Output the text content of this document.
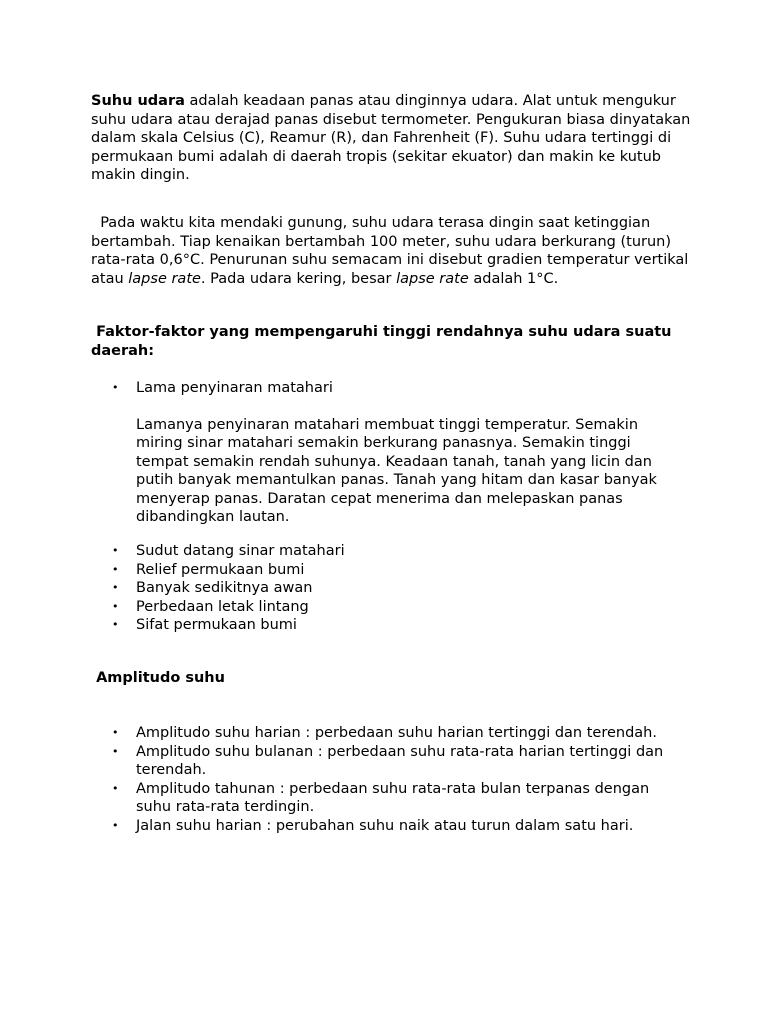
Suhu udara adalah keadaan panas atau dinginnya udara. Alat untuk mengukur suhu udara atau derajad panas disebut termometer. Pengukuran biasa dinyatakan dalam skala Celsius (C), Reamur (R), dan Fahrenheit (F). Suhu udara tertinggi di permukaan bumi adalah di daerah tropis (sekitar ekuator) dan makin ke kutub makin dingin.

Pada waktu kita mendaki gunung, suhu udara terasa dingin saat ketinggian bertambah. Tiap kenaikan bertambah 100 meter, suhu udara berkurang (turun) rata-rata 0,6°C. Penurunan suhu semacam ini disebut gradien temperatur vertikal atau lapse rate. Pada udara kering, besar lapse rate adalah 1°C.

Faktor-faktor yang mempengaruhi tinggi rendahnya suhu udara suatu daerah:

• Lama penyinaran matahari
Lamanya penyinaran matahari membuat tinggi temperatur. Semakin miring sinar matahari semakin berkurang panasnya. Semakin tinggi tempat semakin rendah suhunya. Keadaan tanah, tanah yang licin dan putih banyak memantulkan panas. Tanah yang hitam dan kasar banyak menyerap panas. Daratan cepat menerima dan melepaskan panas dibandingkan lautan.
• Sudut datang sinar matahari
• Relief permukaan bumi
• Banyak sedikitnya awan
• Perbedaan letak lintang
• Sifat permukaan bumi

Amplitudo suhu

• Amplitudo suhu harian : perbedaan suhu harian tertinggi dan terendah.
• Amplitudo suhu bulanan : perbedaan suhu rata-rata harian tertinggi dan terendah.
• Amplitudo tahunan : perbedaan suhu rata-rata bulan terpanas dengan suhu rata-rata terdingin.
• Jalan suhu harian : perubahan suhu naik atau turun dalam satu hari.
